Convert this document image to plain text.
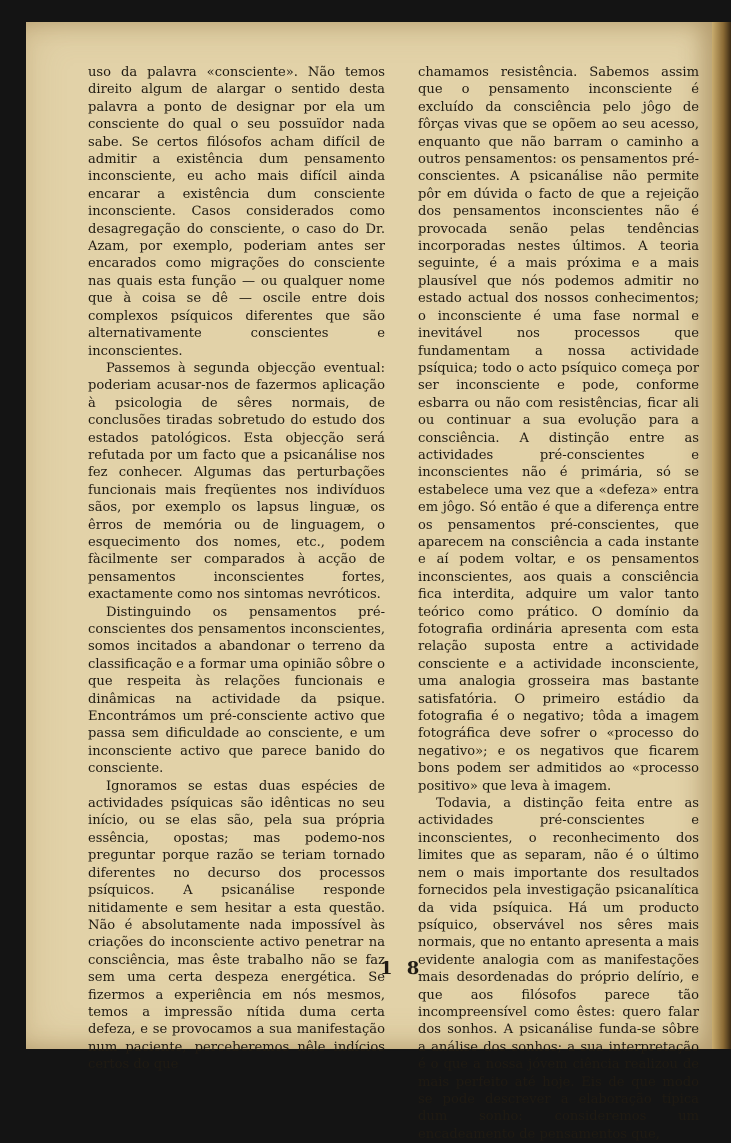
uso da palavra «consciente». Não temos direito algum de alargar o sentido desta palavra a ponto de designar por ela um consciente do qual o seu possuïdor nada sabe. Se certos filósofos acham difícil de admitir a existência dum pensamento inconsciente, eu acho mais difícil ainda encarar a existência dum consciente inconsciente. Casos considerados como desagregação do consciente, o caso do Dr. Azam, por exemplo, poderiam antes ser encarados como migrações do consciente nas quais esta função — ou qualquer nome que à coisa se dê — oscile entre dois complexos psíquicos diferentes que são alternativamente conscientes e inconscientes.

Passemos à segunda objecção eventual: poderiam acusar-nos de fazermos aplicação à psicologia de sêres normais, de conclusões tiradas sobretudo do estudo dos estados patológicos. Esta objecção será refutada por um facto que a psicanálise nos fez conhecer. Algumas das perturbações funcionais mais freqüentes nos indivíduos sãos, por exemplo os lapsus linguæ, os êrros de memória ou de linguagem, o esquecimento dos nomes, etc., podem fàcilmente ser comparados à acção de pensamentos inconscientes fortes, exactamente como nos sintomas nevróticos.

Distinguindo os pensamentos pré-conscientes dos pensamentos inconscientes, somos incitados a abandonar o terreno da classificação e a formar uma opinião sôbre o que respeita às relações funcionais e dinâmicas na actividade da psique. Encontrámos um pré-consciente activo que passa sem dificuldade ao consciente, e um inconsciente activo que parece banido do consciente.

Ignoramos se estas duas espécies de actividades psíquicas são idênticas no seu início, ou se elas são, pela sua própria essência, opostas; mas podemo-nos preguntar porque razão se teriam tornado diferentes no decurso dos processos psíquicos. A psicanálise responde nitidamente e sem hesitar a esta questão. Não é absolutamente nada impossível às criações do inconsciente activo penetrar na consciência, mas êste trabalho não se faz sem uma certa despeza energética. Se fizermos a experiência em nós mesmos, temos a impressão nítida duma certa defeza, e se provocamos a sua manifestação num paciente, perceberemos nêle indícios certos do que

chamamos resistência. Sabemos assim que o pensamento inconsciente é excluído da consciência pelo jôgo de fôrças vivas que se opõem ao seu acesso, enquanto que não barram o caminho a outros pensamentos: os pensamentos pré-conscientes. A psicanálise não permite pôr em dúvida o facto de que a rejeição dos pensamentos inconscientes não é provocada senão pelas tendências incorporadas nestes últimos. A teoria seguinte, é a mais próxima e a mais plausível que nós podemos admitir no estado actual dos nossos conhecimentos; o inconsciente é uma fase normal e inevitável nos processos que fundamentam a nossa actividade psíquica; todo o acto psíquico começa por ser inconsciente e pode, conforme esbarra ou não com resistências, ficar ali ou continuar a sua evolução para a consciência. A distinção entre as actividades pré-conscientes e inconscientes não é primária, só se estabelece uma vez que a «defeza» entra em jôgo. Só então é que a diferença entre os pensamentos pré-conscientes, que aparecem na consciência a cada instante e aí podem voltar, e os pensamentos inconscientes, aos quais a consciência fica interdita, adquire um valor tanto teórico como prático. O domínio da fotografia ordinária apresenta com esta relação suposta entre a actividade consciente e a actividade inconsciente, uma analogia grosseira mas bastante satisfatória. O primeiro estádio da fotografia é o negativo; tôda a imagem fotográfica deve sofrer o «processo do negativo»; e os negativos que ficarem bons podem ser admitidos ao «processo positivo» que leva à imagem.

Todavia, a distinção feita entre as actividades pré-conscientes e inconscientes, o reconhecimento dos limites que as separam, não é o último nem o mais importante dos resultados fornecidos pela investigação psicanalítica da vida psíquica. Há um producto psíquico, observável nos sêres mais normais, que no entanto apresenta a mais evidente analogia com as manifestações mais desordenadas do próprio delírio, e que aos filósofos parece tão incompreensível como êstes: quero falar dos sonhos. A psicanálise funda-se sôbre a análise dos sonhos; a sua interpretação é o que a nossa jóvem ciência realizou de mais perfeito até hoje. Eis de que modo se pode descrever a elaboração típica dum sonho: consideremos um encadeamento de pensamentos que,

1 8
